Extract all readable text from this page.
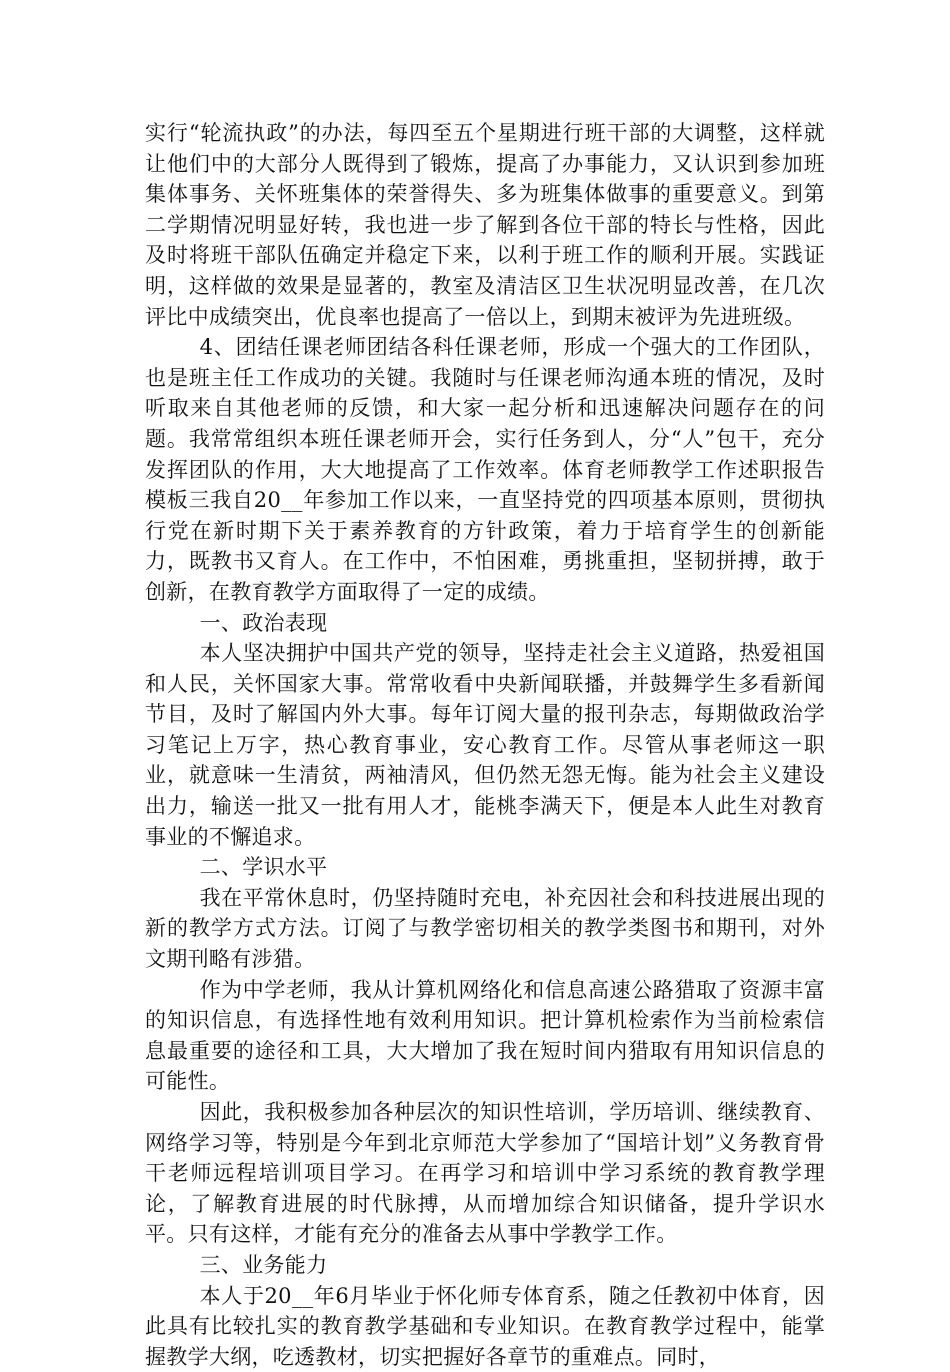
实行“轮流执政”的办法，每四至五个星期进行班干部的大调整，这样就让他们中的大部分人既得到了锻炼，提高了办事能力，又认识到参加班集体事务、关怀班集体的荣誉得失、多为班集体做事的重要意义。到第二学期情况明显好转，我也进一步了解到各位干部的特长与性格，因此及时将班干部队伍确定并稳定下来，以利于班工作的顺利开展。实践证明，这样做的效果是显著的，教室及清洁区卫生状况明显改善，在几次评比中成绩突出，优良率也提高了一倍以上，到期末被评为先进班级。

4、团结任课老师团结各科任课老师，形成一个强大的工作团队，也是班主任工作成功的关键。我随时与任课老师沟通本班的情况，及时听取来自其他老师的反馈，和大家一起分析和迅速解决问题存在的问题。我常常组织本班任课老师开会，实行任务到人，分“人”包干，充分发挥团队的作用，大大地提高了工作效率。体育老师教学工作述职报告模板三我自20__年参加工作以来，一直坚持党的四项基本原则，贯彻执行党在新时期下关于素养教育的方针政策，着力于培育学生的创新能力，既教书又育人。在工作中，不怕困难，勇挑重担，坚韧拼搏，敢于创新，在教育教学方面取得了一定的成绩。

一、政治表现

本人坚决拥护中国共产党的领导，坚持走社会主义道路，热爱祖国和人民，关怀国家大事。常常收看中央新闻联播，并鼓舞学生多看新闻节目，及时了解国内外大事。每年订阅大量的报刊杂志，每期做政治学习笔记上万字，热心教育事业，安心教育工作。尽管从事老师这一职业，就意味一生清贫，两袖清风，但仍然无怨无悔。能为社会主义建设出力，输送一批又一批有用人才，能桃李满天下，便是本人此生对教育事业的不懈追求。

二、学识水平

我在平常休息时，仍坚持随时充电，补充因社会和科技进展出现的新的教学方式方法。订阅了与教学密切相关的教学类图书和期刊，对外文期刊略有涉猎。

作为中学老师，我从计算机网络化和信息高速公路猎取了资源丰富的知识信息，有选择性地有效利用知识。把计算机检索作为当前检索信息最重要的途径和工具，大大增加了我在短时间内猎取有用知识信息的可能性。

因此，我积极参加各种层次的知识性培训，学历培训、继续教育、网络学习等，特别是今年到北京师范大学参加了“国培计划”义务教育骨干老师远程培训项目学习。在再学习和培训中学习系统的教育教学理论，了解教育进展的时代脉搏，从而增加综合知识储备，提升学识水平。只有这样，才能有充分的准备去从事中学教学工作。

三、业务能力

本人于20__年6月毕业于怀化师专体育系，随之任教初中体育，因此具有比较扎实的教育教学基础和专业知识。在教育教学过程中，能掌握教学大纲，吃透教材，切实把握好各章节的重难点。同时，
